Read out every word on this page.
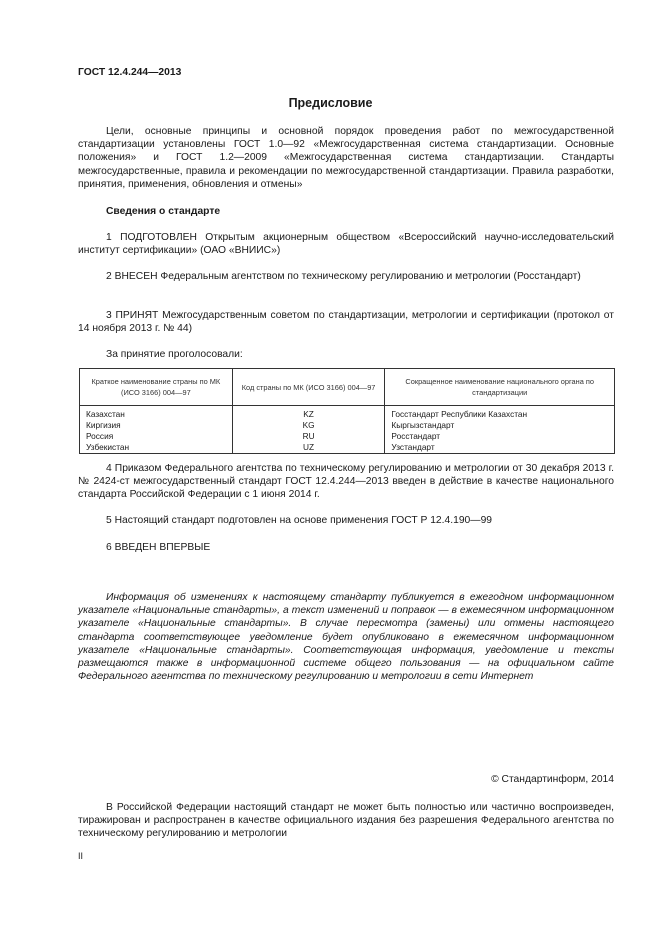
ГОСТ 12.4.244—2013
Предисловие
Цели, основные принципы и основной порядок проведения работ по межгосударственной стандартизации установлены ГОСТ 1.0—92 «Межгосударственная система стандартизации. Основные положения» и ГОСТ 1.2—2009 «Межгосударственная система стандартизации. Стандарты межгосударственные, правила и рекомендации по межгосударственной стандартизации. Правила разработки, принятия, применения, обновления и отмены»
Сведения о стандарте
1 ПОДГОТОВЛЕН Открытым акционерным обществом «Всероссийский научно-исследовательский институт сертификации» (ОАО «ВНИИС»)
2 ВНЕСЕН Федеральным агентством по техническому регулированию и метрологии (Росстандарт)
3 ПРИНЯТ Межгосударственным советом по стандартизации, метрологии и сертификации (протокол от 14 ноября 2013 г. № 44)
За принятие проголосовали:
Краткое наименование страны по МК (ИСО 3166) 004—97	Код страны по МК (ИСО 3166) 004—97	Сокращенное наименование национального органа по стандартизации
Казахстан	KZ	Госстандарт Республики Казахстан
Киргизия	KG	Кыргызстандарт
Россия	RU	Росстандарт
Узбекистан	UZ	Узстандарт
4 Приказом Федерального агентства по техническому регулированию и метрологии от 30 декабря 2013 г.№ 2424-ст межгосударственный стандарт ГОСТ 12.4.244—2013 введен в действие в качестве национального стандарта Российской Федерации с 1 июня 2014 г.
5 Настоящий стандарт подготовлен на основе применения ГОСТ Р 12.4.190—99
6 ВВЕДЕН ВПЕРВЫЕ
Информация об изменениях к настоящему стандарту публикуется в ежегодном информационном указателе «Национальные стандарты», а текст изменений и поправок — в ежемесячном информационном указателе «Национальные стандарты». В случае пересмотра (замены) или отмены настоящего стандарта соответствующее уведомление будет опубликовано в ежемесячном информационном указателе «Национальные стандарты». Соответствующая информация, уведомление и тексты размещаются также в информационной системе общего пользования — на официальном сайте Федерального агентства по техническому регулированию и метрологии в сети Интернет
© Стандартинформ, 2014
В Российской Федерации настоящий стандарт не может быть полностью или частично воспроизведен, тиражирован и распространен в качестве официального издания без разрешения Федерального агентства по техническому регулированию и метрологии
II
